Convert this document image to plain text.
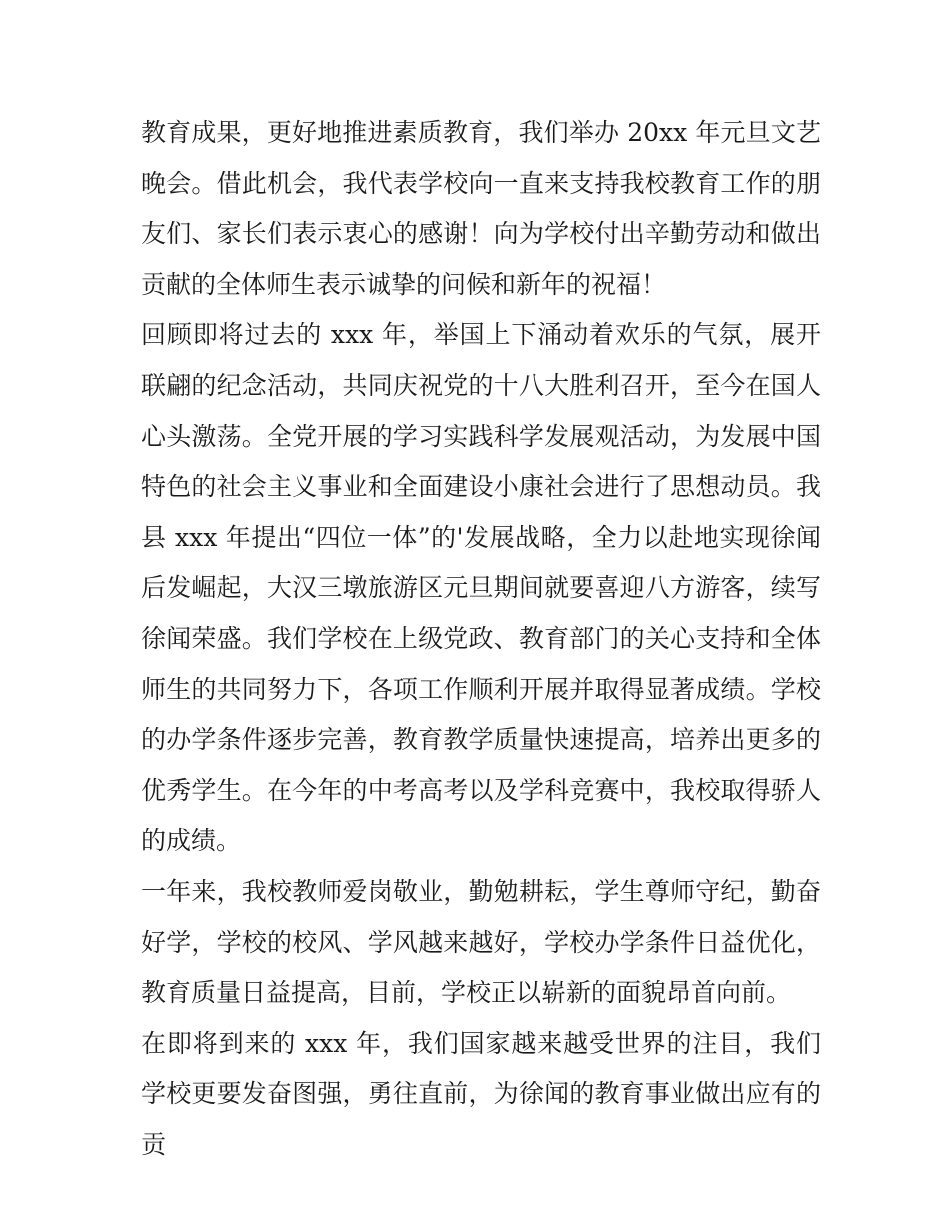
教育成果，更好地推进素质教育，我们举办 20xx 年元旦文艺晚会。借此机会，我代表学校向一直来支持我校教育工作的朋友们、家长们表示衷心的感谢！向为学校付出辛勤劳动和做出贡献的全体师生表示诚挚的问候和新年的祝福！

回顾即将过去的 xxx 年，举国上下涌动着欢乐的气氛，展开联翩的纪念活动，共同庆祝党的十八大胜利召开，至今在国人心头激荡。全党开展的学习实践科学发展观活动，为发展中国特色的社会主义事业和全面建设小康社会进行了思想动员。我县 xxx 年提出“四位一体”的'发展战略，全力以赴地实现徐闻后发崛起，大汉三墩旅游区元旦期间就要喜迎八方游客，续写徐闻荣盛。我们学校在上级党政、教育部门的关心支持和全体师生的共同努力下，各项工作顺利开展并取得显著成绩。学校的办学条件逐步完善，教育教学质量快速提高，培养出更多的优秀学生。在今年的中考高考以及学科竞赛中，我校取得骄人的成绩。

一年来，我校教师爱岗敬业，勤勉耕耘，学生尊师守纪，勤奋好学，学校的校风、学风越来越好，学校办学条件日益优化，教育质量日益提高，目前，学校正以崭新的面貌昂首向前。

在即将到来的 xxx 年，我们国家越来越受世界的注目，我们学校更要发奋图强，勇往直前，为徐闻的教育事业做出应有的贡
